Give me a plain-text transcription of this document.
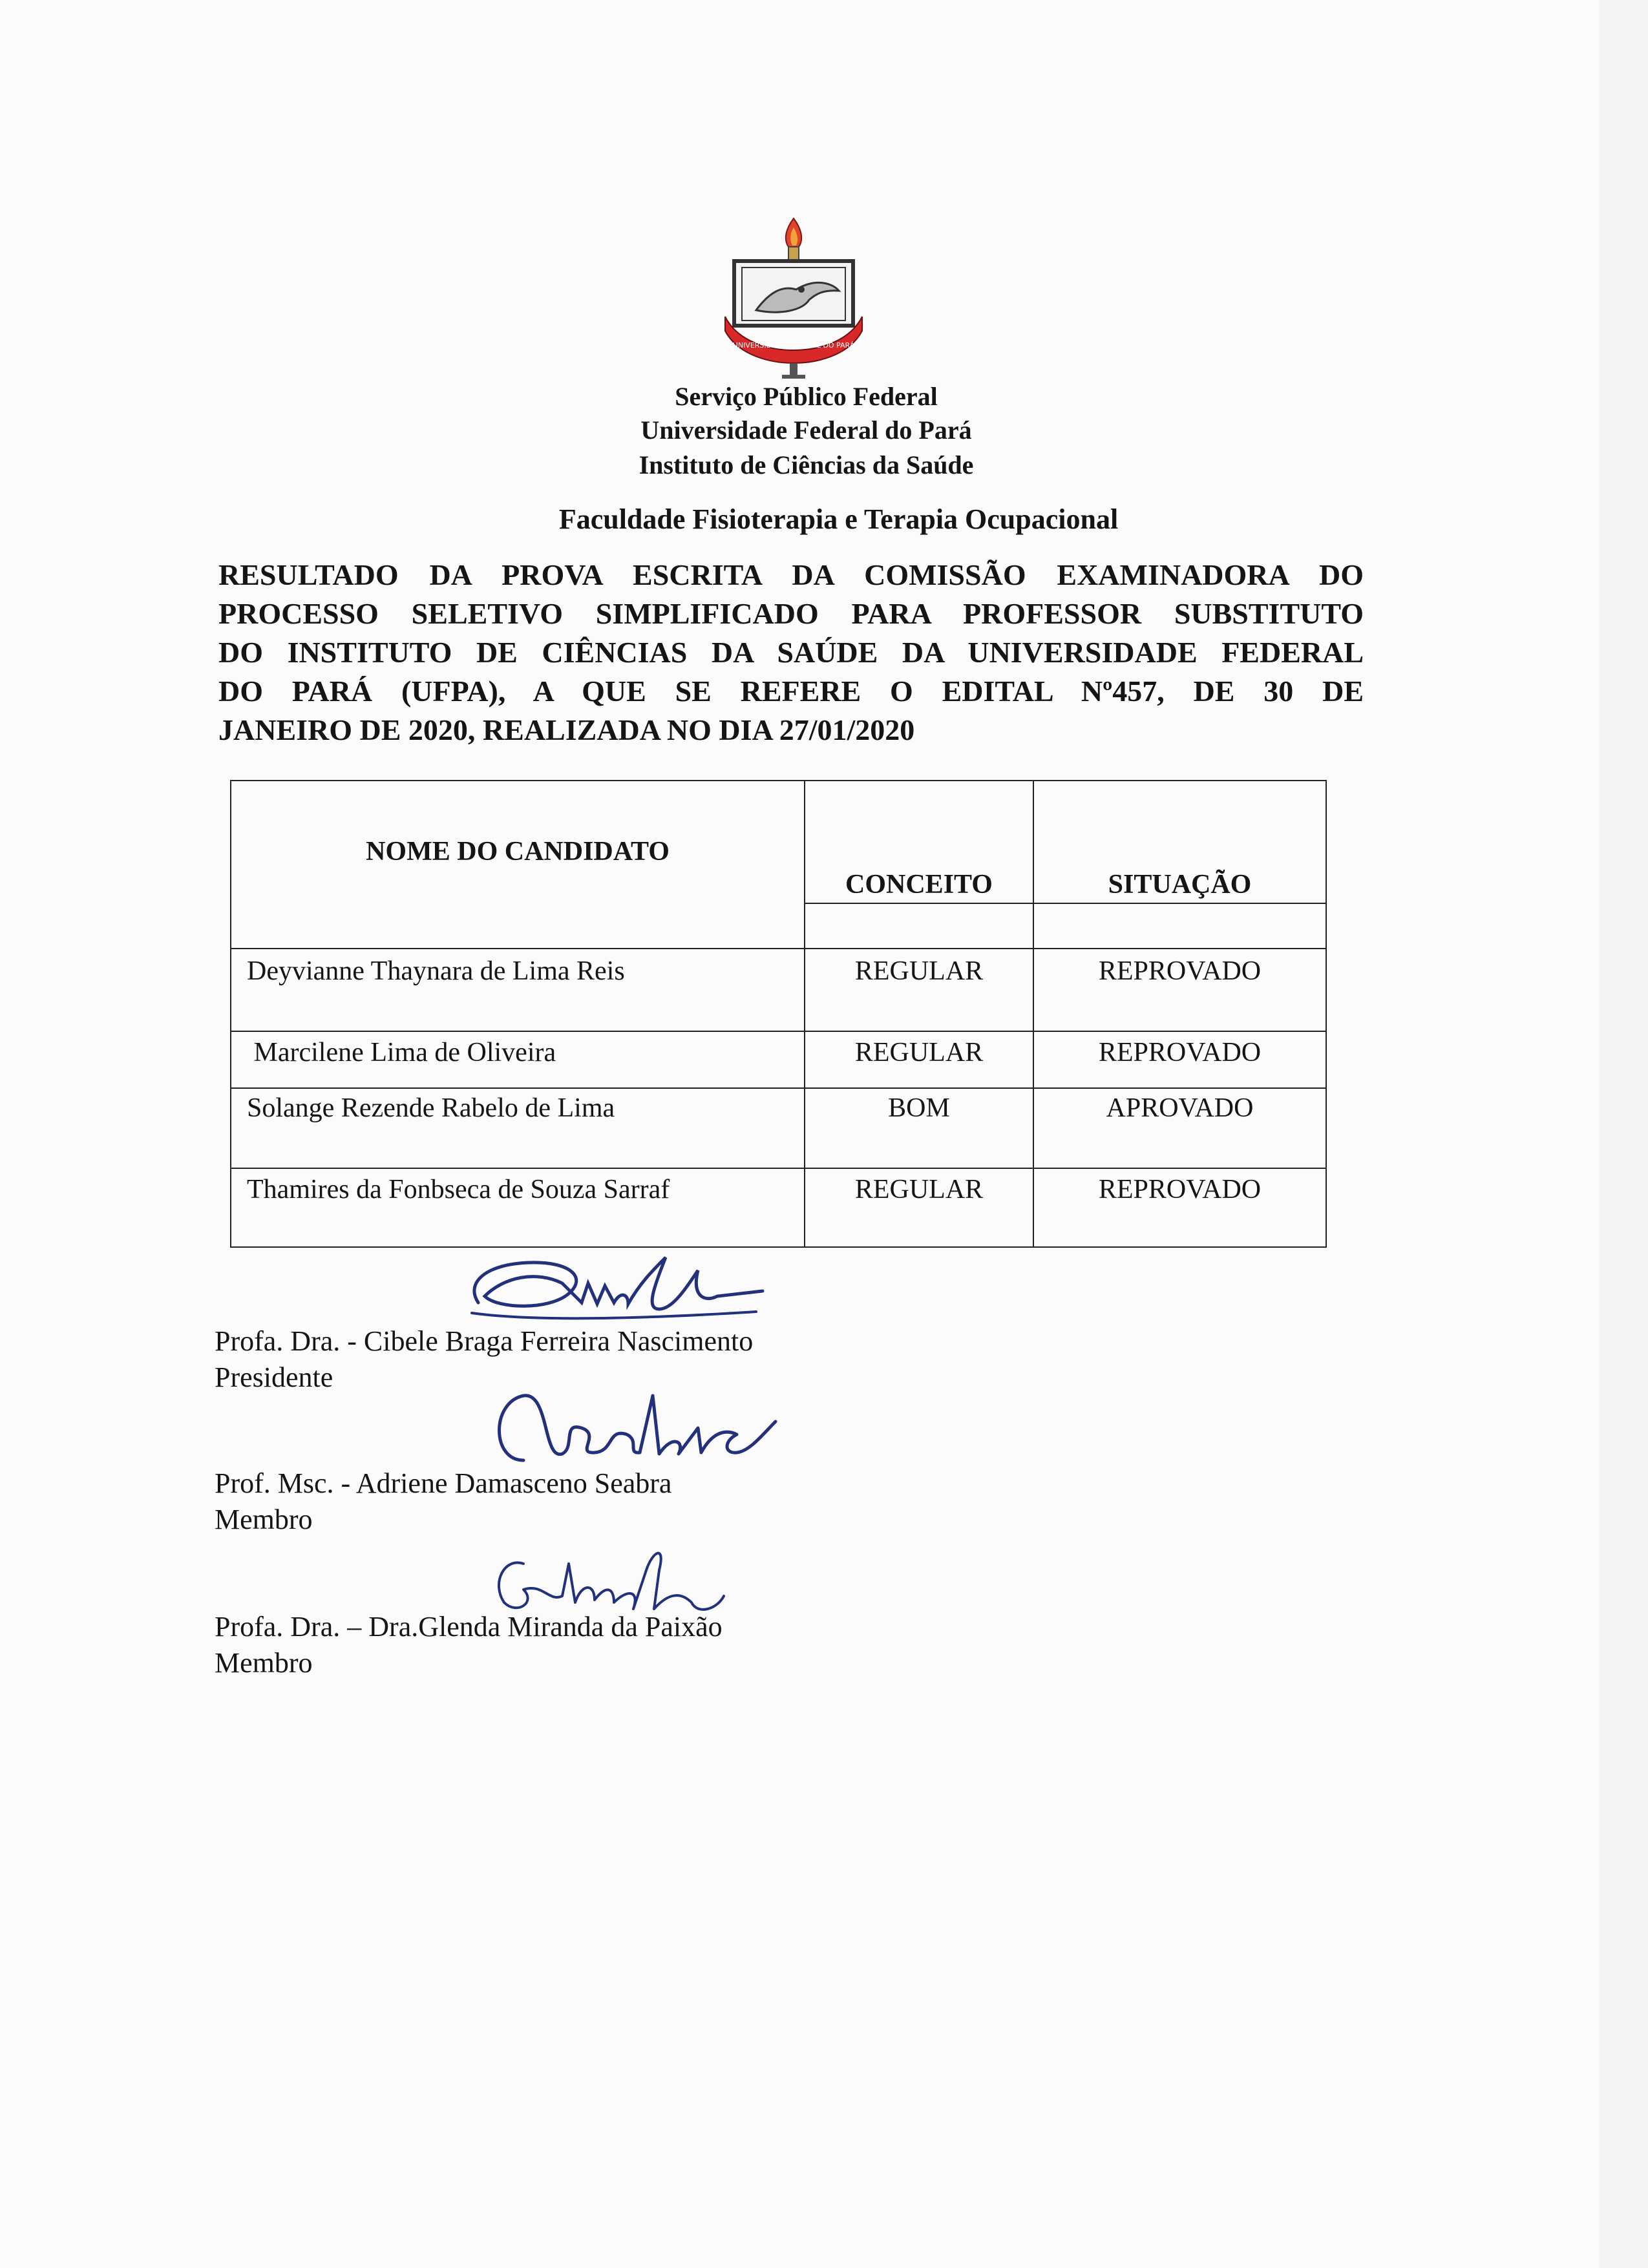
UNIVERSIDADE FEDERAL DO PARÁ
Serviço Público Federal
Universidade Federal do Pará
Instituto de Ciências da Saúde
Faculdade Fisioterapia e Terapia Ocupacional
RESULTADO DA PROVA ESCRITA DA COMISSÃO EXAMINADORA DO
PROCESSO SELETIVO SIMPLIFICADO PARA PROFESSOR SUBSTITUTO
DO INSTITUTO DE CIÊNCIAS DA SAÚDE DA UNIVERSIDADE FEDERAL
DO PARÁ (UFPA), A QUE SE REFERE O EDITAL Nº457, DE 30 DE
JANEIRO DE 2020, REALIZADA NO DIA 27/01/2020
NOME DO CANDIDATO	CONCEITO	SITUAÇÃO

Deyvianne Thaynara de Lima Reis	REGULAR	REPROVADO
Marcilene Lima de Oliveira	REGULAR	REPROVADO
Solange Rezende Rabelo de Lima	BOM	APROVADO
Thamires da Fonbseca de Souza Sarraf	REGULAR	REPROVADO
Profa. Dra. - Cibele Braga Ferreira Nascimento
Presidente
Prof. Msc. - Adriene Damasceno Seabra
Membro
Profa. Dra. – Dra.Glenda Miranda da Paixão
Membro
